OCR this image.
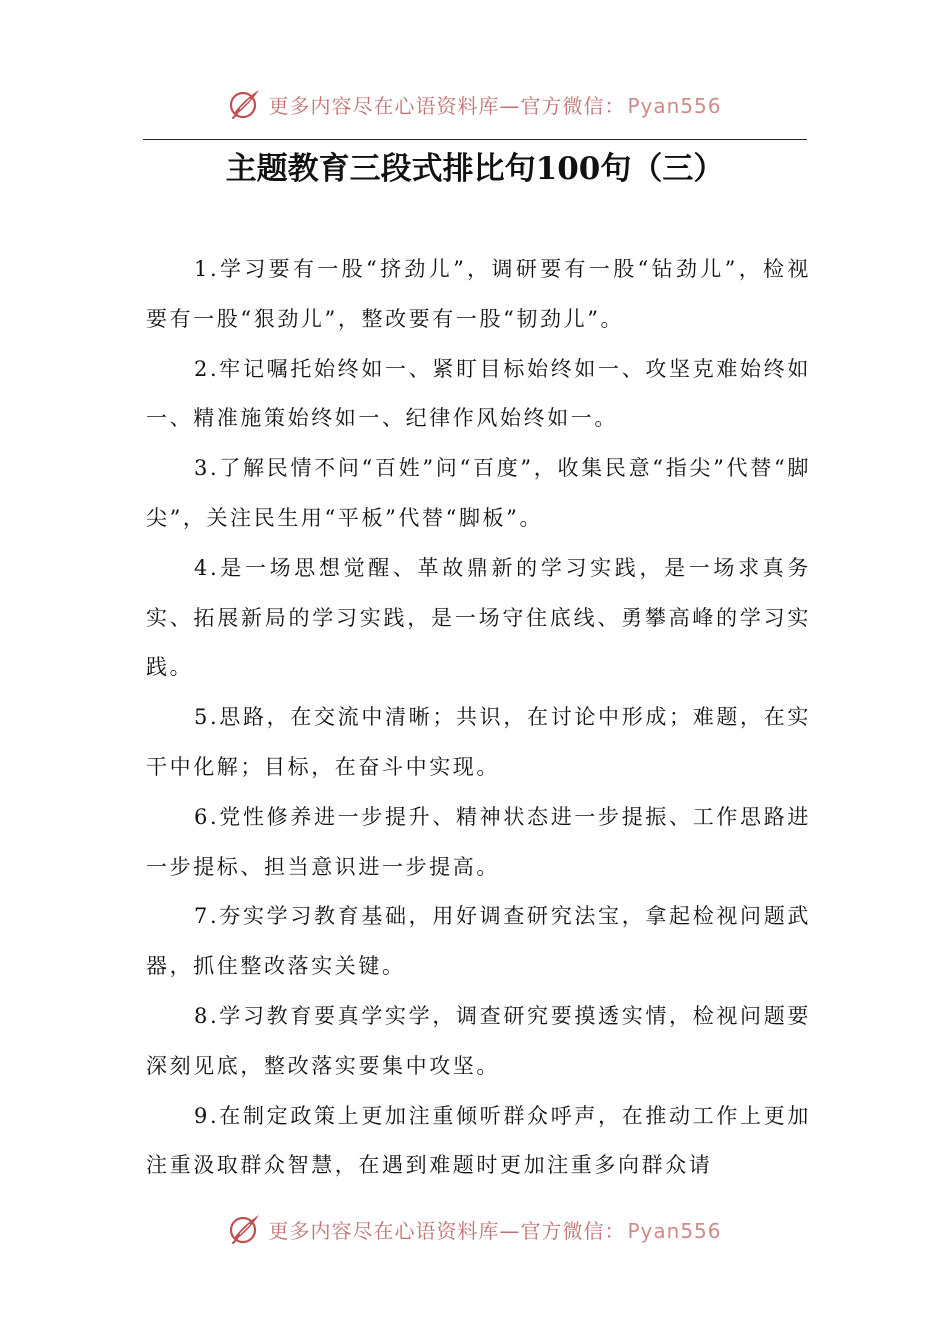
更多内容尽在心语资料库—官方微信： Pyan556
主题教育三段式排比句100句（三）

1.学习要有一股“挤劲儿”，调研要有一股“钻劲儿”，检视要有一股“狠劲儿”，整改要有一股“韧劲儿”。

2.牢记嘱托始终如一、紧盯目标始终如一、攻坚克难始终如一、精准施策始终如一、纪律作风始终如一。

3.了解民情不问“百姓”问“百度”，收集民意“指尖”代替“脚尖”，关注民生用“平板”代替“脚板”。

4.是一场思想觉醒、革故鼎新的学习实践，是一场求真务实、拓展新局的学习实践，是一场守住底线、勇攀高峰的学习实践。

5.思路，在交流中清晰；共识，在讨论中形成；难题，在实干中化解；目标，在奋斗中实现。

6.党性修养进一步提升、精神状态进一步提振、工作思路进一步提标、担当意识进一步提高。

7.夯实学习教育基础，用好调查研究法宝，拿起检视问题武器，抓住整改落实关键。

8.学习教育要真学实学，调查研究要摸透实情，检视问题要深刻见底，整改落实要集中攻坚。

9.在制定政策上更加注重倾听群众呼声，在推动工作上更加注重汲取群众智慧，在遇到难题时更加注重多向群众请

更多内容尽在心语资料库—官方微信： Pyan556
